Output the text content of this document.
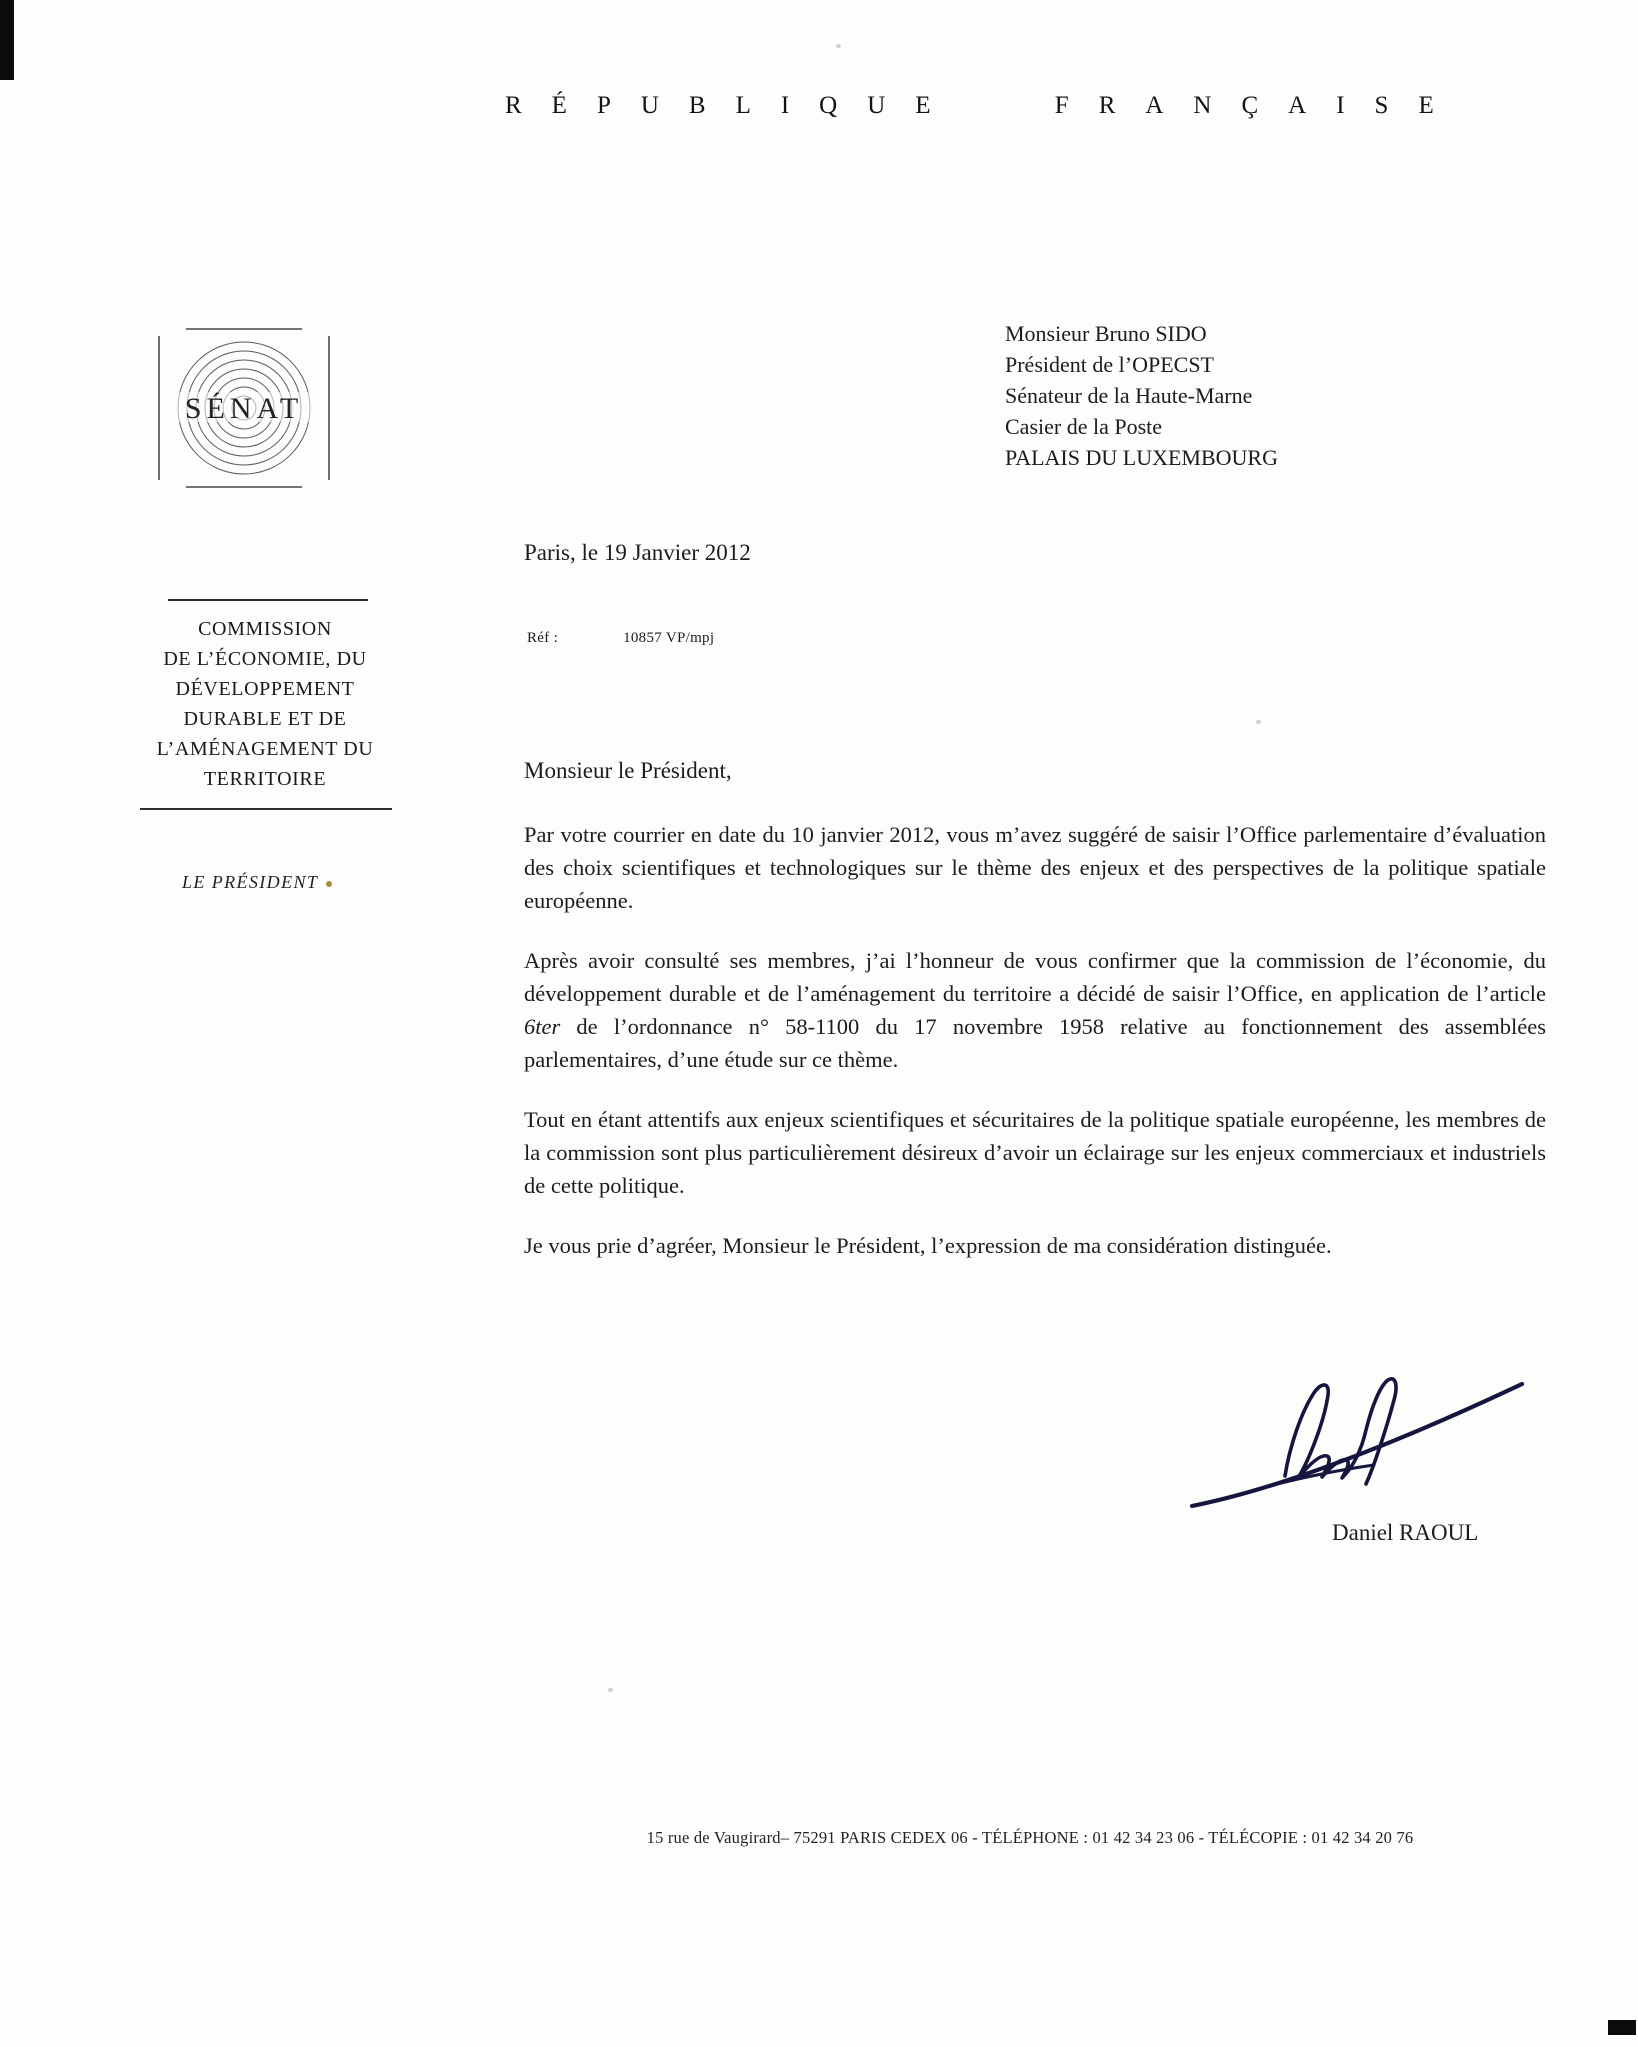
RÉPUBLIQUE FRANÇAISE
SÉNAT
Monsieur Bruno SIDO
Président de l’OPECST
Sénateur de la Haute-Marne
Casier de la Poste
PALAIS DU LUXEMBOURG
Paris, le 19 Janvier 2012
Réf :	10857 VP/mpj
COMMISSION
DE L’ÉCONOMIE, DU
DÉVELOPPEMENT
DURABLE ET DE
L’AMÉNAGEMENT DU
TERRITOIRE
LE PRÉSIDENT
Monsieur le Président,

Par votre courrier en date du 10 janvier 2012, vous m’avez suggéré de saisir l’Office parlementaire d’évaluation des choix scientifiques et technologiques sur le thème des enjeux et des perspectives de la politique spatiale européenne.

Après avoir consulté ses membres, j’ai l’honneur de vous confirmer que la commission de l’économie, du développement durable et de l’aménagement du territoire a décidé de saisir l’Office, en application de l’article 6ter de l’ordonnance n° 58-1100 du 17 novembre 1958 relative au fonctionnement des assemblées parlementaires, d’une étude sur ce thème.

Tout en étant attentifs aux enjeux scientifiques et sécuritaires de la politique spatiale européenne, les membres de la commission sont plus particulièrement désireux d’avoir un éclairage sur les enjeux commerciaux et industriels de cette politique.

Je vous prie d’agréer, Monsieur le Président, l’expression de ma considération distinguée.

Daniel RAOUL
15 rue de Vaugirard– 75291 PARIS CEDEX 06 - TÉLÉPHONE : 01 42 34 23 06 - TÉLÉCOPIE : 01 42 34 20 76
